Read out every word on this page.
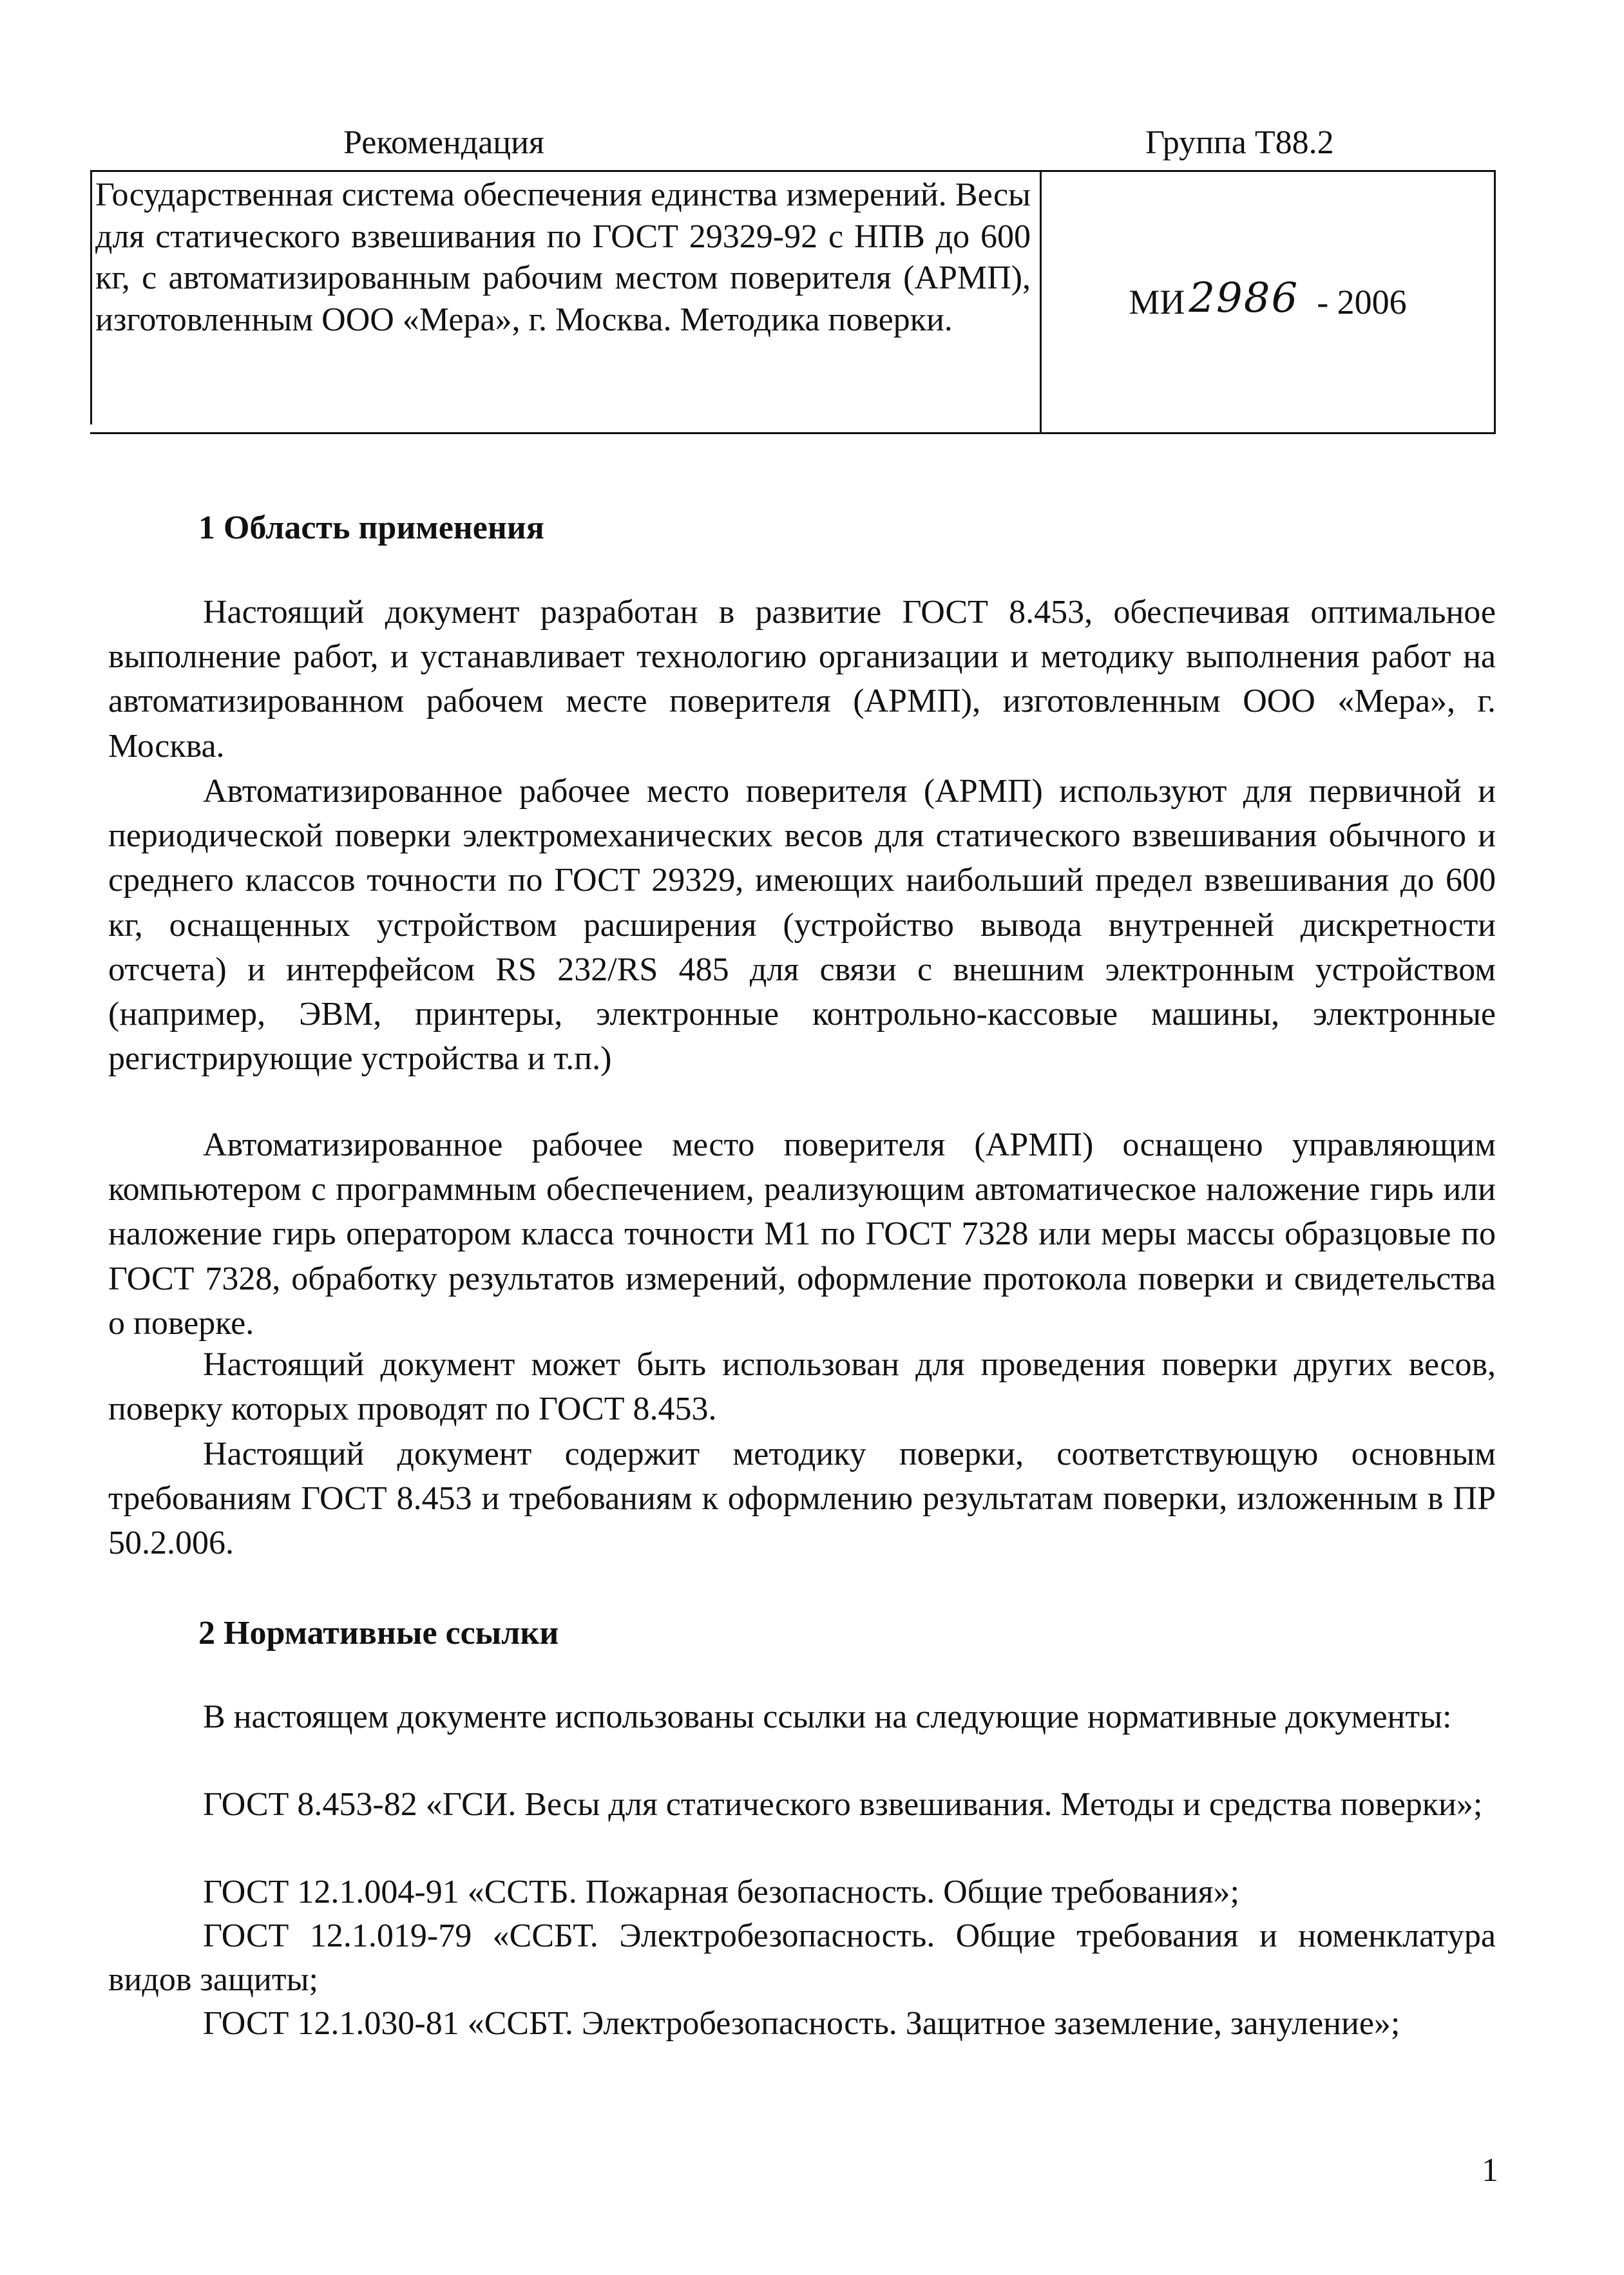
Рекомендация	Группа Т88.2
Государственная система обеспечения единства измерений. Весы для статического взвешивания по ГОСТ 29329-92 с НПВ до 600 кг, с автоматизированным рабочим местом поверителя (АРМП), изготовленным ООО «Мера», г. Москва. Методика поверки.	МИ 2986 - 2006
1 Область применения

Настоящий документ разработан в развитие ГОСТ 8.453, обеспечивая оптимальное выполнение работ, и устанавливает технологию организации и методику выполнения работ на автоматизированном рабочем месте поверителя (АРМП), изготовленным ООО «Мера», г. Москва.

Автоматизированное рабочее место поверителя (АРМП) используют для первичной и периодической поверки электромеханических весов для статического взвешивания обычного и среднего классов точности по ГОСТ 29329, имеющих наибольший предел взвешивания до 600 кг, оснащенных устройством расширения (устройство вывода внутренней дискретности отсчета) и интерфейсом RS 232/RS 485 для связи с внешним электронным устройством (например, ЭВМ, принтеры, электронные контрольно-кассовые машины, электронные регистрирующие устройства и т.п.)

Автоматизированное рабочее место поверителя (АРМП) оснащено управляющим компьютером с программным обеспечением, реализующим автоматическое наложение гирь или наложение гирь оператором класса точности М1 по ГОСТ 7328 или меры массы образцовые по ГОСТ 7328, обработку результатов измерений, оформление протокола поверки и свидетельства о поверке.

Настоящий документ может быть использован для проведения поверки других весов, поверку которых проводят по ГОСТ 8.453.

Настоящий документ содержит методику поверки, соответствующую основным требованиям ГОСТ 8.453 и требованиям к оформлению результатам поверки, изложенным в ПР 50.2.006.

2 Нормативные ссылки

В настоящем документе использованы ссылки на следующие нормативные документы:

ГОСТ 8.453-82 «ГСИ. Весы для статического взвешивания. Методы и средства поверки»;

ГОСТ 12.1.004-91 «ССТБ. Пожарная безопасность. Общие требования»;

ГОСТ 12.1.019-79 «ССБТ. Электробезопасность. Общие требования и номенклатура видов защиты;

ГОСТ 12.1.030-81 «ССБТ. Электробезопасность. Защитное заземление, зануление»;

1
